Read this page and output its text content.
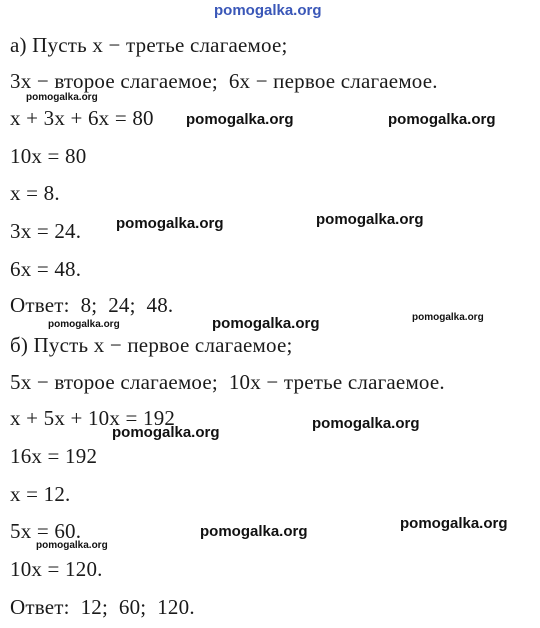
pomogalka.org
а) Пусть x − третье слагаемое;
3x − второе слагаемое;  6x − первое слагаемое.
x + 3x + 6x = 80
10x = 80
x = 8.
3x = 24.
6x = 48.
Ответ:  8;  24;  48.
б) Пусть x − первое слагаемое;
5x − второе слагаемое;  10x − третье слагаемое.
x + 5x + 10x = 192
16x = 192
x = 12.
5x = 60.
10x = 120.
Ответ:  12;  60;  120.
pomogalka.org
pomogalka.org	pomogalka.org
pomogalka.org	pomogalka.org
pomogalka.org	pomogalka.org	pomogalka.org
pomogalka.org
pomogalka.org
pomogalka.org	pomogalka.org
pomogalka.org
